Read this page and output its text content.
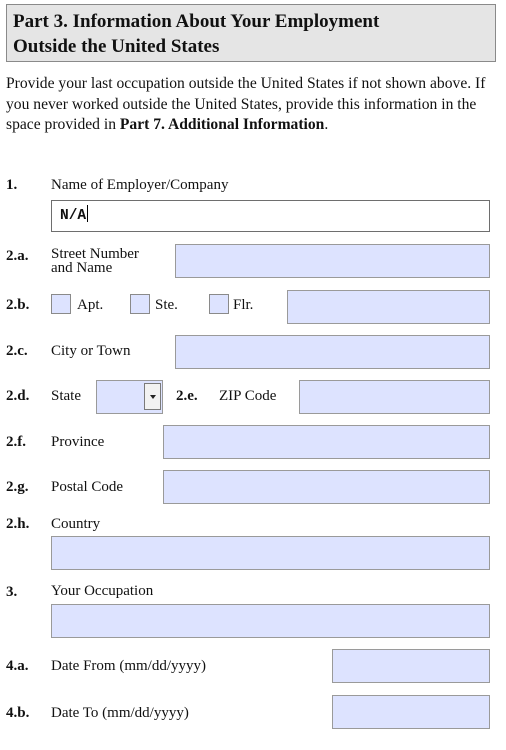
Part 3. Information About Your Employment
Outside the United States
Provide your last occupation outside the United States if not shown above. If you never worked outside the United States, provide this information in the space provided in Part 7. Additional Information.
1. Name of Employer/Company
N/A
2.a. Street Number
and Name
2.b.	Apt.	Ste.	Flr.
2.c. City or Town
2.d. State	2.e. ZIP Code
2.f. Province
2.g. Postal Code
2.h. Country
3. Your Occupation
4.a. Date From (mm/dd/yyyy)
4.b. Date To (mm/dd/yyyy)
